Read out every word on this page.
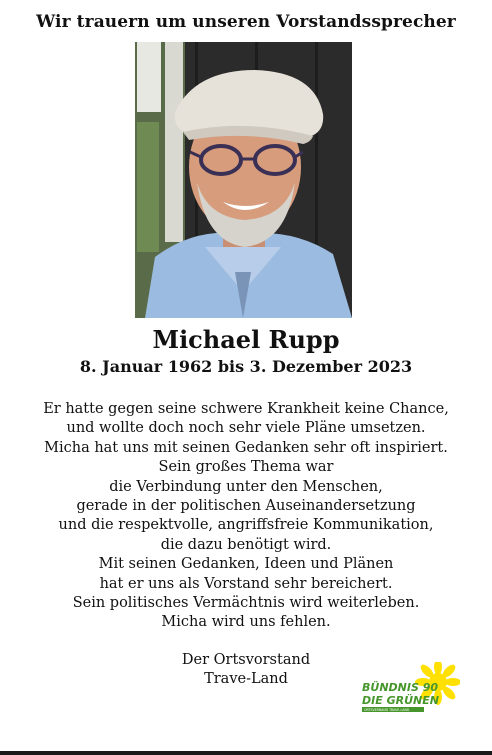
Wir trauern um unseren Vorstandssprecher
Michael Rupp
8. Januar 1962 bis 3. Dezember 2023
Er hatte gegen seine schwere Krankheit keine Chance,
und wollte doch noch sehr viele Pläne umsetzen.
Micha hat uns mit seinen Gedanken sehr oft inspiriert.
Sein großes Thema war
die Verbindung unter den Menschen,
gerade in der politischen Auseinandersetzung
und die respektvolle, angriffsfreie Kommunikation,
die dazu benötigt wird.
Mit seinen Gedanken, Ideen und Plänen
hat er uns als Vorstand sehr bereichert.
Sein politisches Vermächtnis wird weiterleben.
Micha wird uns fehlen.
Der Ortsvorstand
Trave-Land
BÜNDNIS 90
DIE GRÜNEN
ORTSVERBAND TRAVE-LAND
